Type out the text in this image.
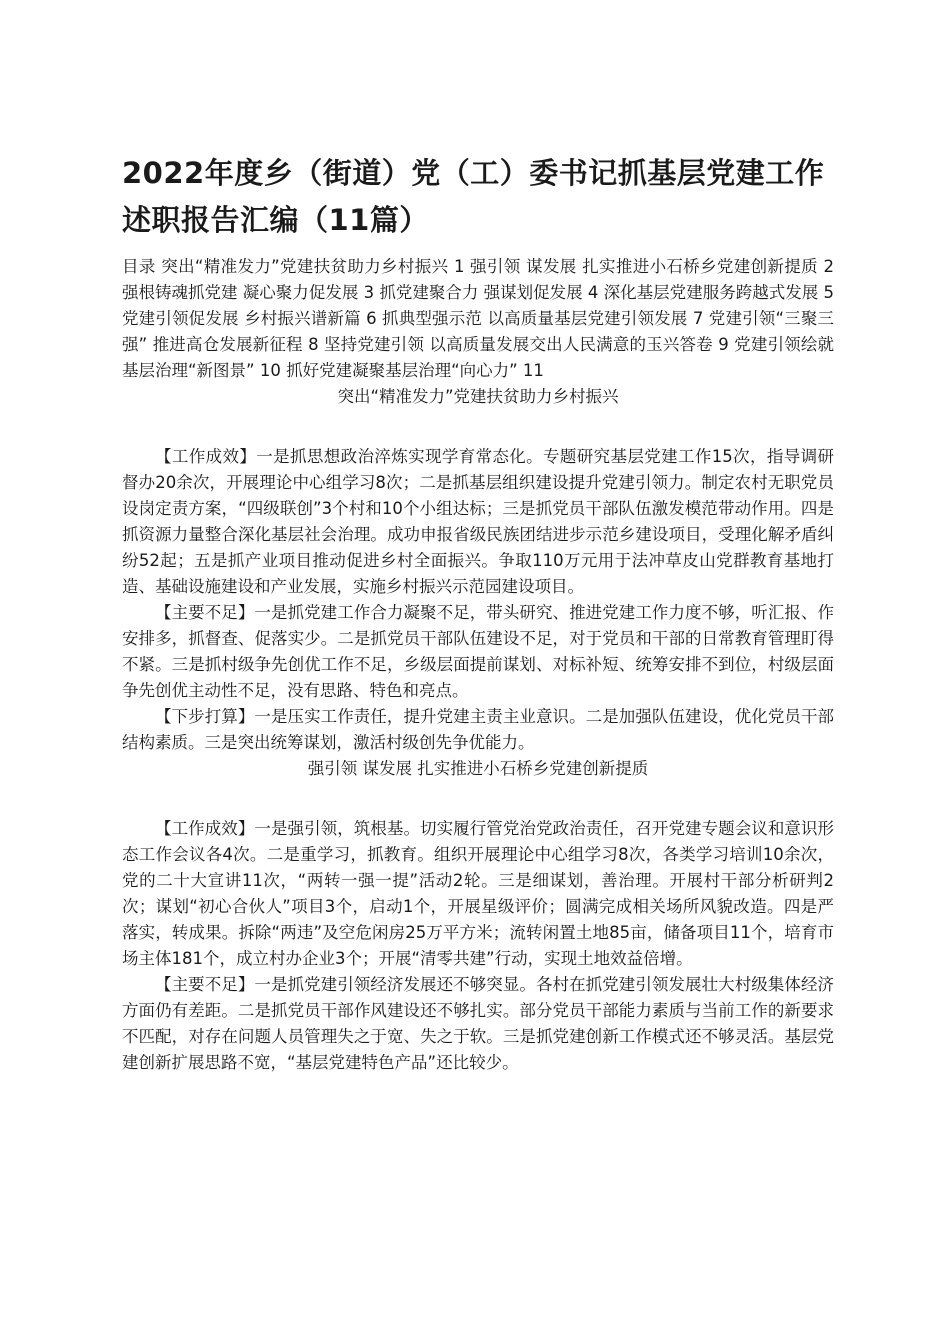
2022年度乡（街道）党（工）委书记抓基层党建工作
述职报告汇编（11篇）

目录 突出“精准发力”党建扶贫助力乡村振兴 1 强引领 谋发展 扎实推进小石桥乡党建创新提质 2 强根铸魂抓党建 凝心聚力促发展 3 抓党建聚合力 强谋划促发展 4 深化基层党建服务跨越式发展 5 党建引领促发展 乡村振兴谱新篇 6 抓典型强示范 以高质量基层党建引领发展 7 党建引领“三聚三强” 推进高仓发展新征程 8 坚持党建引领 以高质量发展交出人民满意的玉兴答卷 9 党建引领绘就基层治理“新图景” 10 抓好党建凝聚基层治理“向心力” 11

突出“精准发力”党建扶贫助力乡村振兴

【工作成效】一是抓思想政治淬炼实现学育常态化。专题研究基层党建工作15次，指导调研督办20余次，开展理论中心组学习8次；二是抓基层组织建设提升党建引领力。制定农村无职党员设岗定责方案，“四级联创”3个村和10个小组达标；三是抓党员干部队伍激发模范带动作用。四是抓资源力量整合深化基层社会治理。成功申报省级民族团结进步示范乡建设项目，受理化解矛盾纠纷52起；五是抓产业项目推动促进乡村全面振兴。争取110万元用于法冲草皮山党群教育基地打造、基础设施建设和产业发展，实施乡村振兴示范园建设项目。

【主要不足】一是抓党建工作合力凝聚不足，带头研究、推进党建工作力度不够，听汇报、作安排多，抓督查、促落实少。二是抓党员干部队伍建设不足，对于党员和干部的日常教育管理盯得不紧。三是抓村级争先创优工作不足，乡级层面提前谋划、对标补短、统筹安排不到位，村级层面争先创优主动性不足，没有思路、特色和亮点。

【下步打算】一是压实工作责任，提升党建主责主业意识。二是加强队伍建设，优化党员干部结构素质。三是突出统筹谋划，激活村级创先争优能力。

强引领 谋发展 扎实推进小石桥乡党建创新提质

【工作成效】一是强引领，筑根基。切实履行管党治党政治责任，召开党建专题会议和意识形态工作会议各4次。二是重学习，抓教育。组织开展理论中心组学习8次，各类学习培训10余次，党的二十大宣讲11次，“两转一强一提”活动2轮。三是细谋划，善治理。开展村干部分析研判2次；谋划“初心合伙人”项目3个，启动1个，开展星级评价；圆满完成相关场所风貌改造。四是严落实，转成果。拆除“两违”及空危闲房25万平方米；流转闲置土地85亩，储备项目11个，培育市场主体181个，成立村办企业3个；开展“清零共建”行动，实现土地效益倍增。

【主要不足】一是抓党建引领经济发展还不够突显。各村在抓党建引领发展壮大村级集体经济方面仍有差距。二是抓党员干部作风建设还不够扎实。部分党员干部能力素质与当前工作的新要求不匹配，对存在问题人员管理失之于宽、失之于软。三是抓党建创新工作模式还不够灵活。基层党建创新扩展思路不宽，“基层党建特色产品”还比较少。
